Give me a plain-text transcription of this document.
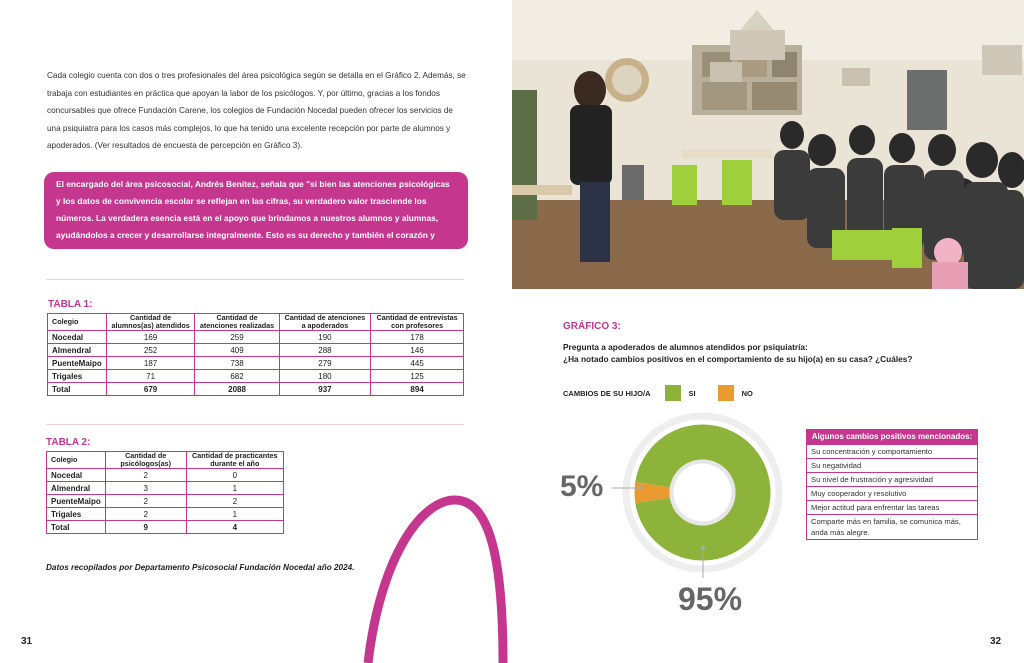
Cada colegio cuenta con dos o tres profesionales del área psicológica según se detalla en el Gráfico 2. Además, se trabaja con estudiantes en práctica que apoyan la labor de los psicólogos. Y, por último, gracias a los fondos concursables que ofrece Fundación Carene, los colegios de Fundación Nocedal pueden ofrecer los servicios de una psiquiatra para los casos más complejos, lo que ha tenido una excelente recepción por parte de alumnos y apoderados. (Ver resultados de encuesta de percepción en Gráfico 3).
El encargado del área psicosocial, Andrés Benítez, señala que "si bien las atenciones psicológicas y los datos de convivencia escolar se reflejan en las cifras, su verdadero valor trasciende los números. La verdadera esencia está en el apoyo que brindamos a nuestros alumnos y alumnas, ayudándolos a crecer y desarrollarse integralmente. Esto es su derecho y también el corazón y motor de nuestro proyecto educativo.
TABLA 1:
Colegio	Cantidad de alumnos(as) atendidos	Cantidad de atenciones realizadas	Cantidad de atenciones a apoderados	Cantidad de entrevistas con profesores
Nocedal	169	259	190	178
Almendral	252	409	288	146
PuenteMaipo	187	738	279	445
Trigales	71	682	180	125
Total	679	2088	937	894
TABLA 2:
Colegio	Cantidad de psicólogos(as)	Cantidad de practicantes durante el año
Nocedal	2	0
Almendral	3	1
PuenteMaipo	2	2
Trigales	2	1
Total	9	4
Datos recopilados por Departamento Psicosocial Fundación Nocedal año 2024.
31
GRÁFICO 3:
Pregunta a apoderados de alumnos atendidos por psiquiatría:
¿Ha notado cambios positivos en el comportamiento de su hijo(a) en su casa? ¿Cuáles?
CAMBIOS DE SU HIJO/A	SI	NO
5%
95%
Algunos cambios positivos mencionados:
Su concentración y comportamiento
Su negatividad
Su nivel de frustración y agresividad
Muy cooperador y resolutivo
Mejor actitud para enfrentar las tareas
Comparte más en familia, se comunica más, anda más alegre.
32
